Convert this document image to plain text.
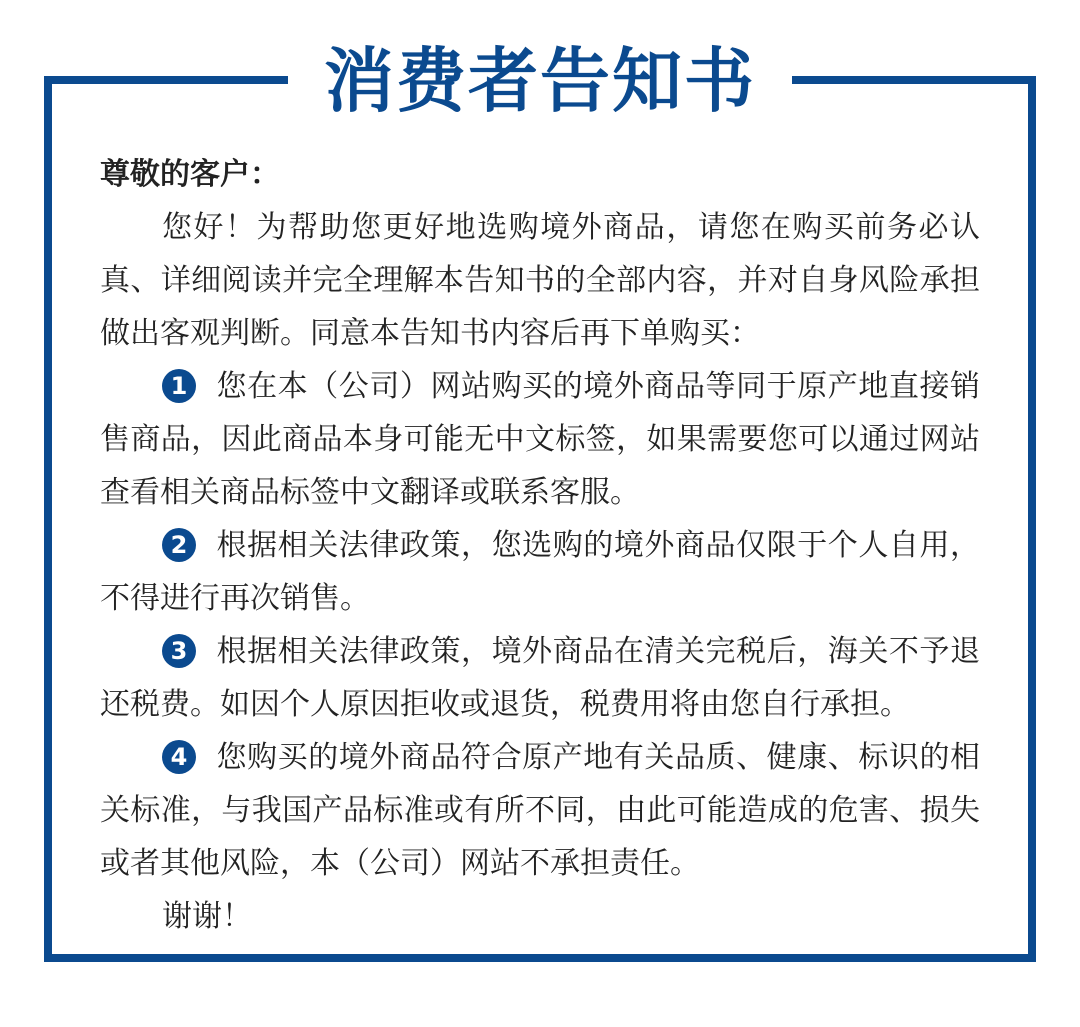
消费者告知书

尊敬的客户：

您好！为帮助您更好地选购境外商品，请您在购买前务必认真、详细阅读并完全理解本告知书的全部内容，并对自身风险承担做出客观判断。同意本告知书内容后再下单购买：

1 您在本（公司）网站购买的境外商品等同于原产地直接销售商品，因此商品本身可能无中文标签，如果需要您可以通过网站查看相关商品标签中文翻译或联系客服。

2 根据相关法律政策，您选购的境外商品仅限于个人自用，不得进行再次销售。

3 根据相关法律政策，境外商品在清关完税后，海关不予退还税费。如因个人原因拒收或退货，税费用将由您自行承担。

4 您购买的境外商品符合原产地有关品质、健康、标识的相关标准，与我国产品标准或有所不同，由此可能造成的危害、损失或者其他风险，本（公司）网站不承担责任。

谢谢！
